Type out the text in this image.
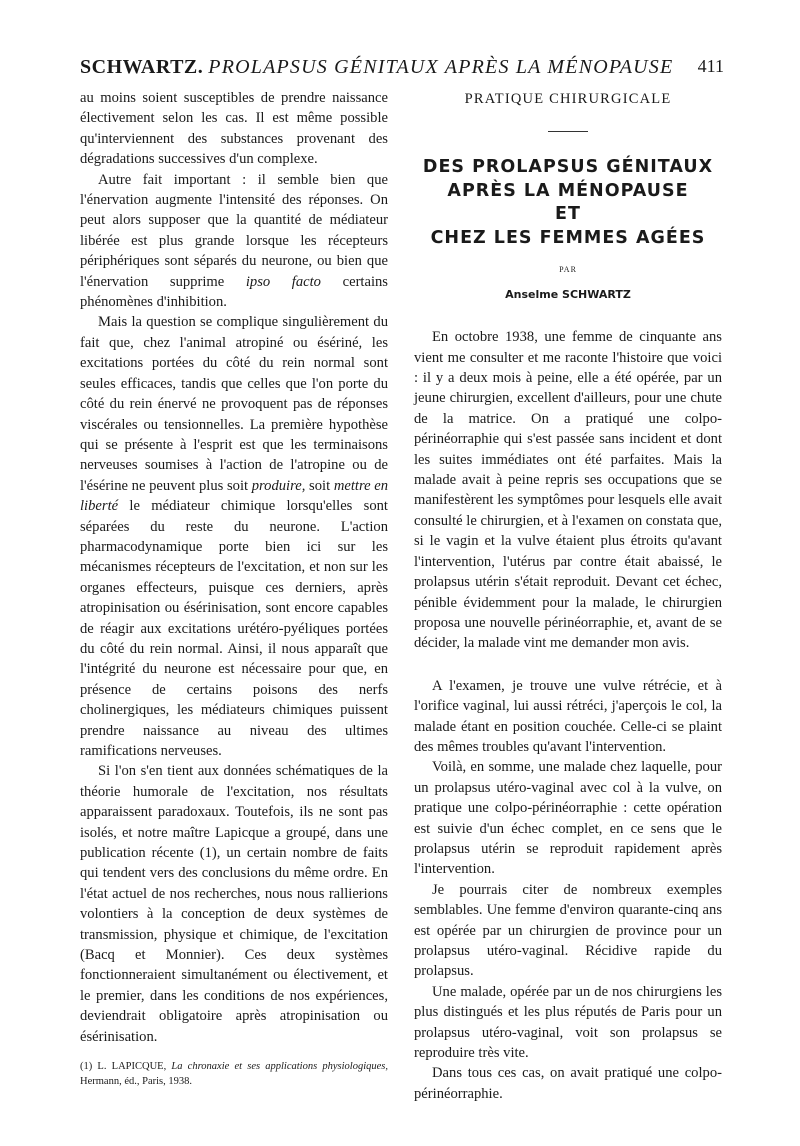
SCHWARTZ. PROLAPSUS GÉNITAUX APRÈS LA MÉNOPAUSE 411

au moins soient susceptibles de prendre naissance électivement selon les cas. Il est même possible qu'interviennent des substances provenant des dégradations successives d'un complexe.

Autre fait important : il semble bien que l'énervation augmente l'intensité des réponses. On peut alors supposer que la quantité de médiateur libérée est plus grande lorsque les récepteurs périphériques sont séparés du neurone, ou bien que l'énervation supprime ipso facto certains phénomènes d'inhibition.

Mais la question se complique singulièrement du fait que, chez l'animal atropiné ou ésériné, les excitations portées du côté du rein normal sont seules efficaces, tandis que celles que l'on porte du côté du rein énervé ne provoquent pas de réponses viscérales ou tensionnelles. La première hypothèse qui se présente à l'esprit est que les terminaisons nerveuses soumises à l'action de l'atropine ou de l'ésérine ne peuvent plus soit produire, soit mettre en liberté le médiateur chimique lorsqu'elles sont séparées du reste du neurone. L'action pharmacodynamique porte bien ici sur les mécanismes récepteurs de l'excitation, et non sur les organes effecteurs, puisque ces derniers, après atropinisation ou ésérinisation, sont encore capables de réagir aux excitations urétéro-pyéliques portées du côté du rein normal. Ainsi, il nous apparaît que l'intégrité du neurone est nécessaire pour que, en présence de certains poisons des nerfs cholinergiques, les médiateurs chimiques puissent prendre naissance au niveau des ultimes ramifications nerveuses.

Si l'on s'en tient aux données schématiques de la théorie humorale de l'excitation, nos résultats apparaissent paradoxaux. Toutefois, ils ne sont pas isolés, et notre maître Lapicque a groupé, dans une publication récente (1), un certain nombre de faits qui tendent vers des conclusions du même ordre. En l'état actuel de nos recherches, nous nous rallierions volontiers à la conception de deux systèmes de transmission, physique et chimique, de l'excitation (Bacq et Monnier). Ces deux systèmes fonctionneraient simultanément ou électivement, et le premier, dans les conditions de nos expériences, deviendrait obligatoire après atropinisation ou ésérinisation.

(1) L. LAPICQUE, La chronaxie et ses applications physiologiques, Hermann, éd., Paris, 1938.
PRATIQUE CHIRURGICALE
DES PROLAPSUS GÉNITAUX
APRÈS LA MÉNOPAUSE
ET
CHEZ LES FEMMES AGÉES
PAR
Anselme SCHWARTZ

En octobre 1938, une femme de cinquante ans vient me consulter et me raconte l'histoire que voici : il y a deux mois à peine, elle a été opérée, par un jeune chirurgien, excellent d'ailleurs, pour une chute de la matrice. On a pratiqué une colpo-périnéorraphie qui s'est passée sans incident et dont les suites immédiates ont été parfaites. Mais la malade avait à peine repris ses occupations que se manifestèrent les symptômes pour lesquels elle avait consulté le chirurgien, et à l'examen on constata que, si le vagin et la vulve étaient plus étroits qu'avant l'intervention, l'utérus par contre était abaissé, le prolapsus utérin s'était reproduit. Devant cet échec, pénible évidemment pour la malade, le chirurgien proposa une nouvelle périnéorraphie, et, avant de se décider, la malade vint me demander mon avis.

A l'examen, je trouve une vulve rétrécie, et à l'orifice vaginal, lui aussi rétréci, j'aperçois le col, la malade étant en position couchée. Celle-ci se plaint des mêmes troubles qu'avant l'intervention.

Voilà, en somme, une malade chez laquelle, pour un prolapsus utéro-vaginal avec col à la vulve, on pratique une colpo-périnéorraphie : cette opération est suivie d'un échec complet, en ce sens que le prolapsus utérin se reproduit rapidement après l'intervention.

Je pourrais citer de nombreux exemples semblables. Une femme d'environ quarante-cinq ans est opérée par un chirurgien de province pour un prolapsus utéro-vaginal. Récidive rapide du prolapsus.

Une malade, opérée par un de nos chirurgiens les plus distingués et les plus réputés de Paris pour un prolapsus utéro-vaginal, voit son prolapsus se reproduire très vite.

Dans tous ces cas, on avait pratiqué une colpo-périnéorraphie.
